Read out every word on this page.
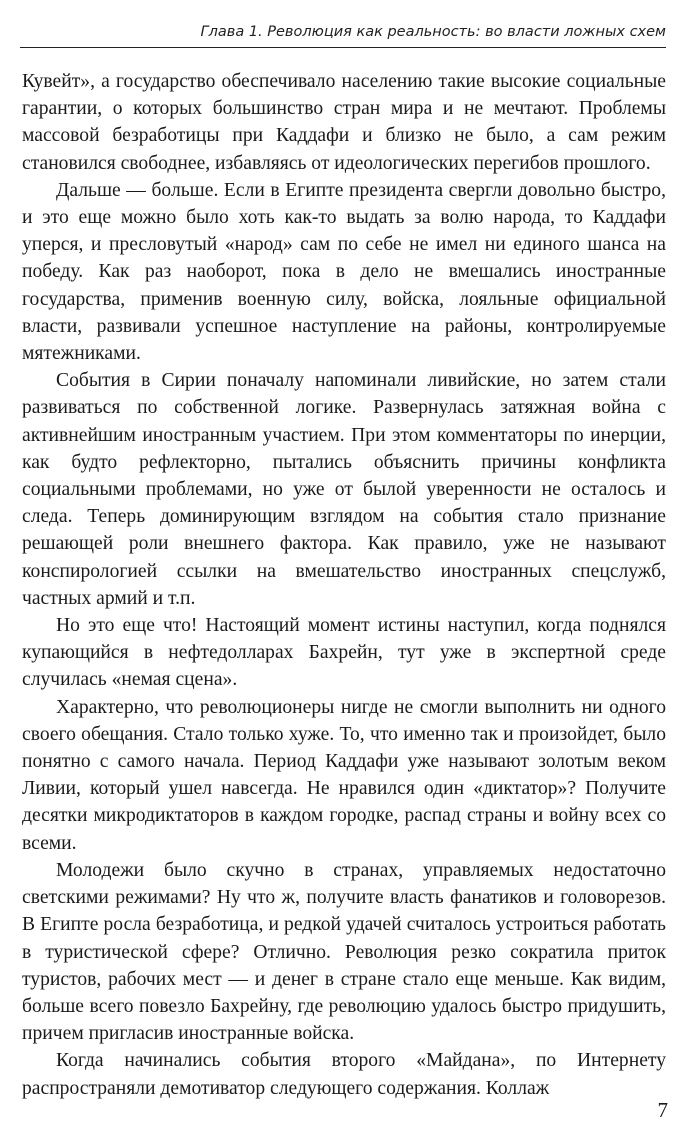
Глава 1. Революция как реальность: во власти ложных схем

Кувейт», а государство обеспечивало населению такие высокие социальные гарантии, о которых большинство стран мира и не мечтают. Проблемы массовой безработицы при Каддафи и близко не было, а сам режим становился свободнее, избавляясь от идеологических перегибов прошлого.

Дальше — больше. Если в Египте президента свергли довольно быстро, и это еще можно было хоть как-то выдать за волю народа, то Каддафи уперся, и пресловутый «народ» сам по себе не имел ни единого шанса на победу. Как раз наоборот, пока в дело не вмешались иностранные государства, применив военную силу, войска, лояльные официальной власти, развивали успешное наступление на районы, контролируемые мятежниками.

События в Сирии поначалу напоминали ливийские, но затем стали развиваться по собственной логике. Развернулась затяжная война с активнейшим иностранным участием. При этом комментаторы по инерции, как будто рефлекторно, пытались объяснить причины конфликта социальными проблемами, но уже от былой уверенности не осталось и следа. Теперь доминирующим взглядом на события стало признание решающей роли внешнего фактора. Как правило, уже не называют конспирологией ссылки на вмешательство иностранных спецслужб, частных армий и т.п.

Но это еще что! Настоящий момент истины наступил, когда поднялся купающийся в нефтедолларах Бахрейн, тут уже в экспертной среде случилась «немая сцена».

Характерно, что революционеры нигде не смогли выполнить ни одного своего обещания. Стало только хуже. То, что именно так и произойдет, было понятно с самого начала. Период Каддафи уже называют золотым веком Ливии, который ушел навсегда. Не нравился один «диктатор»? Получите десятки микродиктаторов в каждом городке, распад страны и войну всех со всеми.

Молодежи было скучно в странах, управляемых недостаточно светскими режимами? Ну что ж, получите власть фанатиков и головорезов. В Египте росла безработица, и редкой удачей считалось устроиться работать в туристической сфере? Отлично. Революция резко сократила приток туристов, рабочих мест — и денег в стране стало еще меньше. Как видим, больше всего повезло Бахрейну, где революцию удалось быстро придушить, причем пригласив иностранные войска.

Когда начинались события второго «Майдана», по Интернету распространяли демотиватор следующего содержания. Коллаж

7
